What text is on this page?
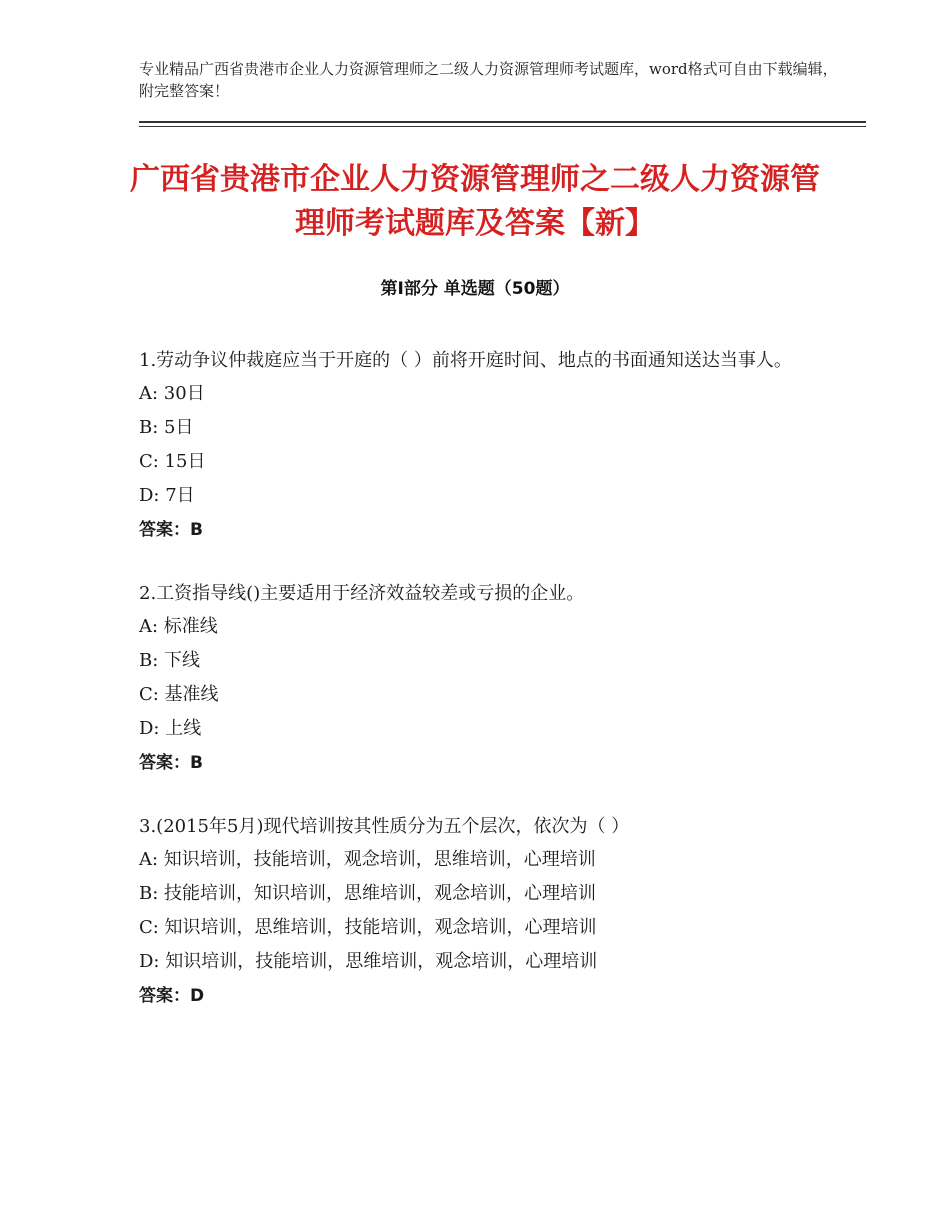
专业精品广西省贵港市企业人力资源管理师之二级人力资源管理师考试题库，word格式可自由下载编辑，附完整答案！
广西省贵港市企业人力资源管理师之二级人力资源管理师考试题库及答案【新】
第Ⅰ部分 单选题（50题）

1.劳动争议仲裁庭应当于开庭的（ ）前将开庭时间、地点的书面通知送达当事人。

A: 30日

B: 5日

C: 15日

D: 7日

答案：B

2.工资指导线()主要适用于经济效益较差或亏损的企业。

A: 标准线

B: 下线

C: 基准线

D: 上线

答案：B

3.(2015年5月)现代培训按其性质分为五个层次，依次为（ ）

A: 知识培训，技能培训，观念培训，思维培训，心理培训

B: 技能培训，知识培训，思维培训，观念培训，心理培训

C: 知识培训，思维培训，技能培训，观念培训，心理培训

D: 知识培训，技能培训，思维培训，观念培训，心理培训

答案：D
